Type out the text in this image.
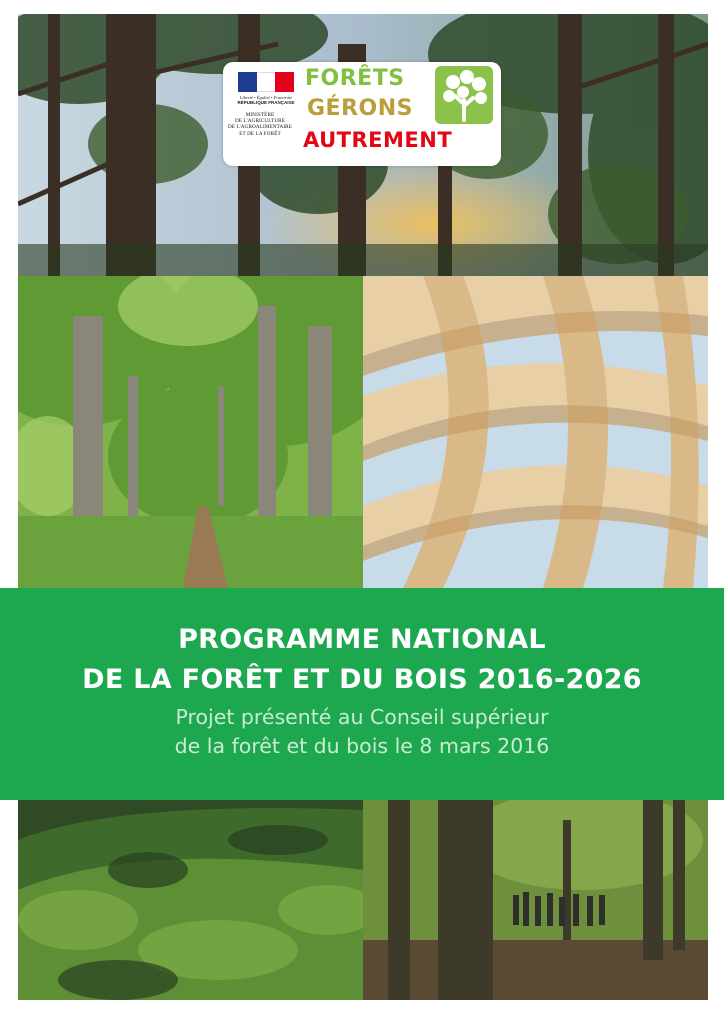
Liberté • Égalité • Fraternité
RÉPUBLIQUE FRANÇAISE
MINISTÈRE
DE L'AGRICULTURE
DE L'AGROALIMENTAIRE
ET DE LA FORÊT
FORÊTS
GÉRONS
AUTREMENT
PROGRAMME NATIONAL
DE LA FORÊT ET DU BOIS 2016-2026
Projet présenté au Conseil supérieur
de la forêt et du bois le 8 mars 2016
